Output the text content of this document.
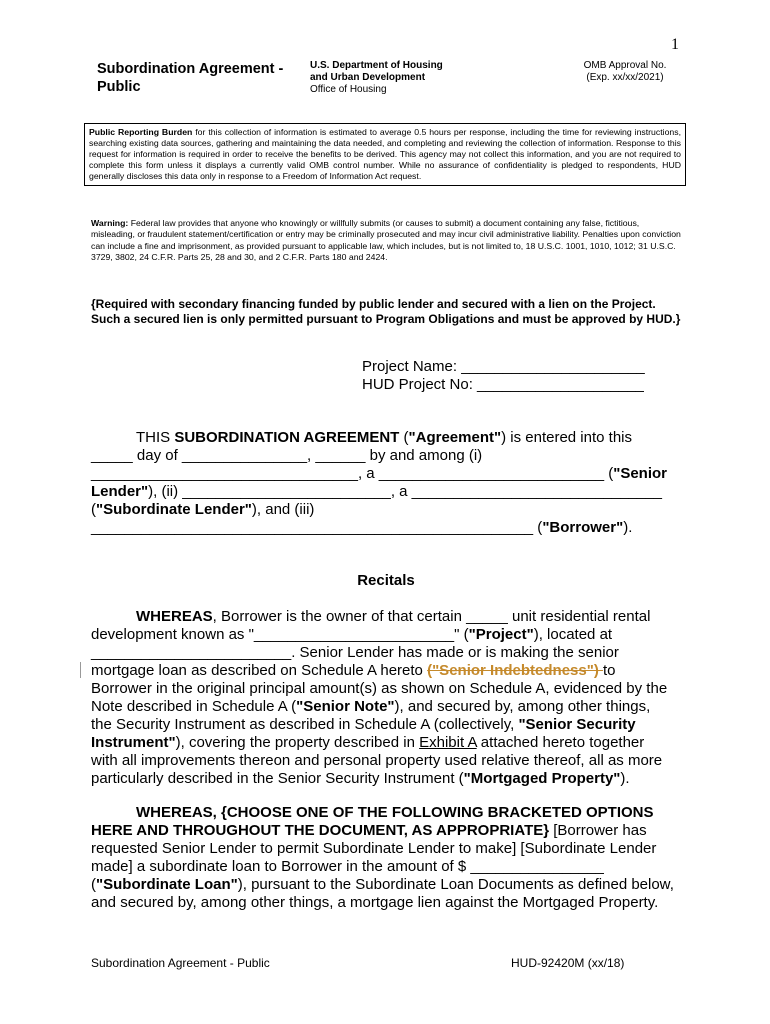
1
Subordination Agreement - Public
U.S. Department of Housing
and Urban Development
Office of Housing
OMB Approval No.
(Exp. xx/xx/2021)
Public Reporting Burden for this collection of information is estimated to average 0.5 hours per response, including the time for reviewing instructions, searching existing data sources, gathering and maintaining the data needed, and completing and reviewing the collection of information. Response to this request for information is required in order to receive the benefits to be derived. This agency may not collect this information, and you are not required to complete this form unless it displays a currently valid OMB control number. While no assurance of confidentiality is pledged to respondents, HUD generally discloses this data only in response to a Freedom of Information Act request.
Warning: Federal law provides that anyone who knowingly or willfully submits (or causes to submit) a document containing any false, fictitious, misleading, or fraudulent statement/certification or entry may be criminally prosecuted and may incur civil administrative liability. Penalties upon conviction can include a fine and imprisonment, as provided pursuant to applicable law, which includes, but is not limited to, 18 U.S.C. 1001, 1010, 1012; 31 U.S.C. 3729, 3802, 24 C.F.R. Parts 25, 28 and 30, and 2 C.F.R. Parts 180 and 2424.
{Required with secondary financing funded by public lender and secured with a lien on the Project. Such a secured lien is only permitted pursuant to Program Obligations and must be approved by HUD.}
Project Name: ______________________
HUD Project No: ____________________
THIS SUBORDINATION AGREEMENT ("Agreement") is entered into this
_____ day of _______________, ______ by and among (i)
________________________________, a ___________________________ ("Senior
Lender"), (ii) _________________________, a ______________________________
("Subordinate Lender"), and (iii)
_____________________________________________________ ("Borrower").
Recitals
WHEREAS, Borrower is the owner of that certain _____ unit residential rental
development known as "________________________" ("Project"), located at
________________________. Senior Lender has made or is making the senior
mortgage loan as described on Schedule A hereto ("Senior Indebtedness") to
Borrower in the original principal amount(s) as shown on Schedule A, evidenced by the
Note described in Schedule A ("Senior Note"), and secured by, among other things,
the Security Instrument as described in Schedule A (collectively, "Senior Security
Instrument"), covering the property described in Exhibit A attached hereto together
with all improvements thereon and personal property used relative thereof, all as more
particularly described in the Senior Security Instrument ("Mortgaged Property").
WHEREAS, {CHOOSE ONE OF THE FOLLOWING BRACKETED OPTIONS
HERE AND THROUGHOUT THE DOCUMENT, AS APPROPRIATE} [Borrower has
requested Senior Lender to permit Subordinate Lender to make] [Subordinate Lender
made] a subordinate loan to Borrower in the amount of $ ________________
("Subordinate Loan"), pursuant to the Subordinate Loan Documents as defined below,
and secured by, among other things, a mortgage lien against the Mortgaged Property.
Subordination Agreement - Public	HUD-92420M (xx/18)
